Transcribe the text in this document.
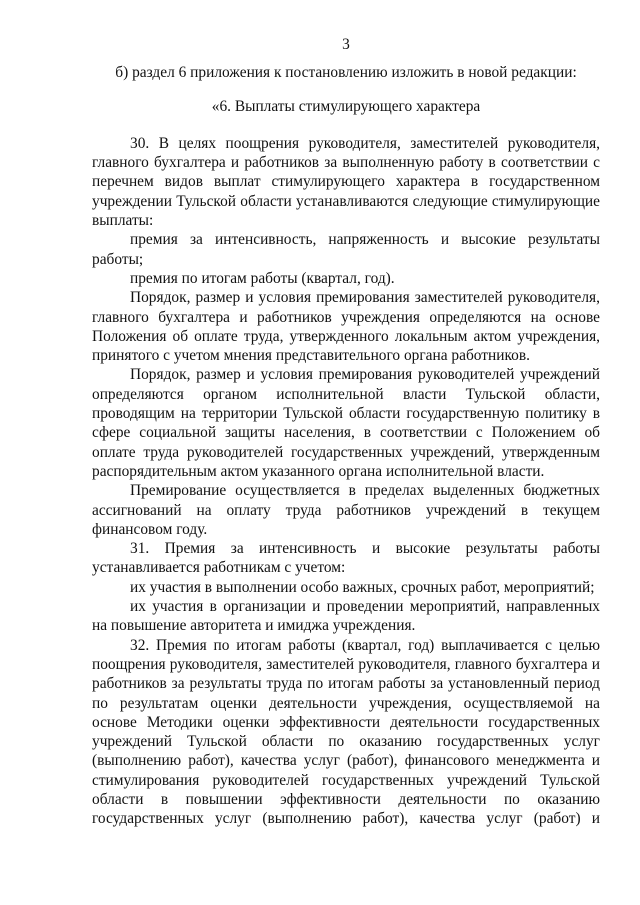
3

б) раздел 6 приложения к постановлению изложить в новой редакции:

«6. Выплаты стимулирующего характера

30. В целях поощрения руководителя, заместителей руководителя, главного бухгалтера и работников за выполненную работу в соответствии с перечнем видов выплат стимулирующего характера в государственном учреждении Тульской области устанавливаются следующие стимулирующие выплаты:

премия за интенсивность, напряженность и высокие результаты работы;

премия по итогам работы (квартал, год).

Порядок, размер и условия премирования заместителей руководителя, главного бухгалтера и работников учреждения определяются на основе Положения об оплате труда, утвержденного локальным актом учреждения, принятого с учетом мнения представительного органа работников.

Порядок, размер и условия премирования руководителей учреждений определяются органом исполнительной власти Тульской области, проводящим на территории Тульской области государственную политику в сфере социальной защиты населения, в соответствии с Положением об оплате труда руководителей государственных учреждений, утвержденным распорядительным актом указанного органа исполнительной власти.

Премирование осуществляется в пределах выделенных бюджетных ассигнований на оплату труда работников учреждений в текущем финансовом году.

31. Премия за интенсивность и высокие результаты работы устанавливается работникам с учетом:

их участия в выполнении особо важных, срочных работ, мероприятий;

их участия в организации и проведении мероприятий, направленных на повышение авторитета и имиджа учреждения.

32. Премия по итогам работы (квартал, год) выплачивается с целью поощрения руководителя, заместителей руководителя, главного бухгалтера и работников за результаты труда по итогам работы за установленный период по результатам оценки деятельности учреждения, осуществляемой на основе Методики оценки эффективности деятельности государственных учреждений Тульской области по оказанию государственных услуг (выполнению работ), качества услуг (работ), финансового менеджмента и стимулирования руководителей государственных учреждений Тульской области в повышении эффективности деятельности по оказанию государственных услуг (выполнению работ), качества услуг (работ) и
